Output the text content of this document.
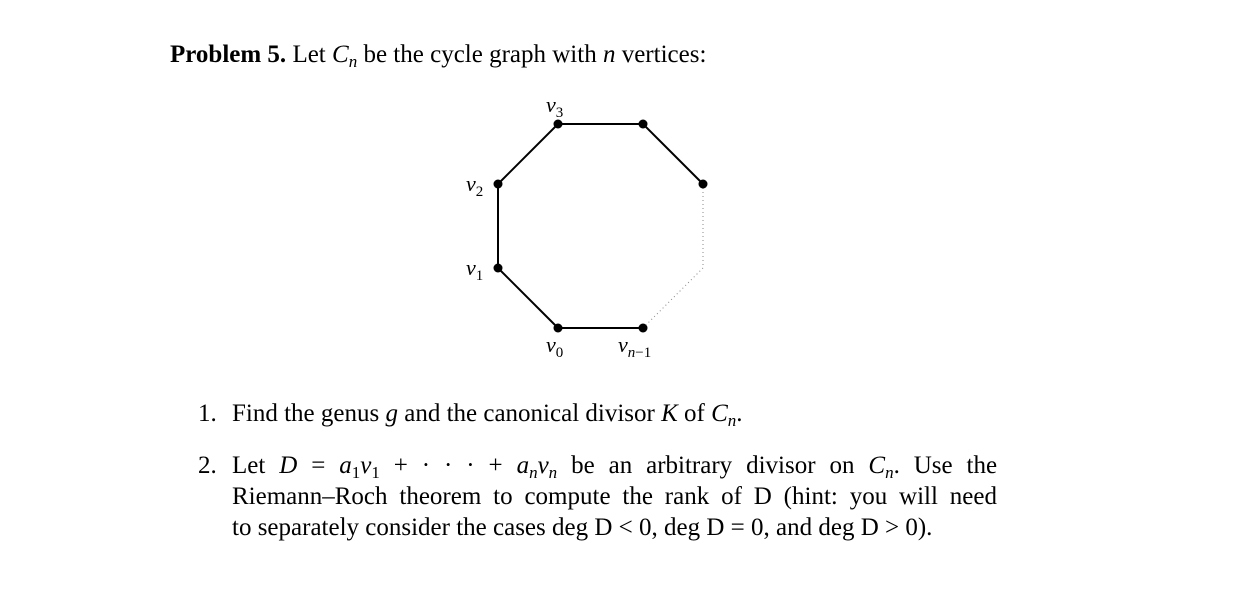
Problem 5. Let $C_n$ be the cycle graph with n vertices:
$v_3$
$v_2$
$v_1$
$v_0$ $v_n-1$
1. Find the genus g and the canonical divisor K of $C_n$.
2. Let $D = a_1v_1$ + · · · + $a_nv_n$ be an arbitrary divisor on $C_n$. Use the
Riemann–Roch theorem to compute the rank of D (hint: you will need
to separately consider the cases deg D < 0, deg D = 0, and deg D > 0).
